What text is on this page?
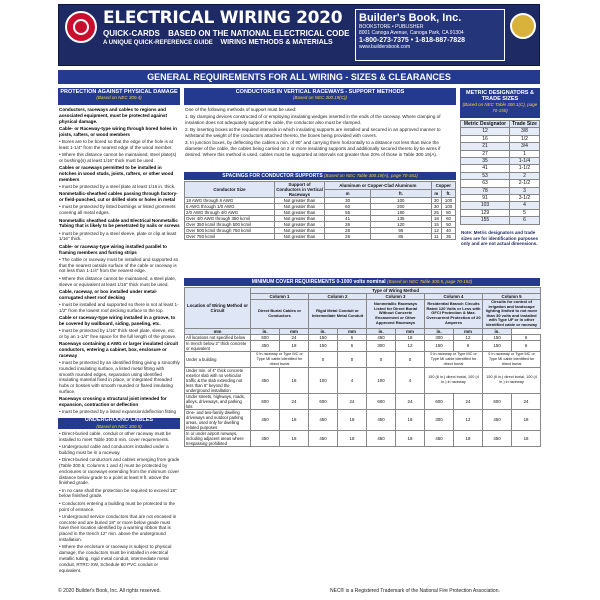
ELECTRICAL WIRING 2020
QUICK-CARDS BASED ON THE NATIONAL ELECTRICAL CODE
A UNIQUE QUICK-REFERENCE GUIDE WIRING METHODS & MATERIALS
Builder's Book, Inc.
BOOKSTORE • PUBLISHER
8001 Canoga Avenue, Canoga Park, CA 91304
1-800-273-7375 • 1-818-887-7828
www.buildersbook.com
GENERAL REQUIREMENTS FOR ALL WIRING - SIZES & CLEARANCES
PROTECTION AGAINST PHYSICAL DAMAGE
(Based on NEC 300.4)

Conductors, raceways and cables to regions and associated equipment, must be protected against physical damage.

Cable- or Raceway-type wiring through bored holes in joists, rafters, or wood members

• Bores are to be bored so that the edge of the hole is at least 1-1/4" from the nearest edge of the wood member.

• Where this distance cannot be maintained, steel plate(s) or bushing(s) at least 1/16" thick must be used.

Cables or raceways permitted to be installed in notches in wood studs, joists, rafters, or other wood members

• must be protected by a steel plate at least 1/16 in. thick.

Nonmetallic-sheathed cables passing through factory- or field-punched, cut or drilled slots or holes in metal

• must be protected by listed bushings or listed grommets covering all metal edges.

Nonmetallic sheathed cable and Electrical Nonmetallic Tubing that is likely to be penetrated by nails or screws

• must be protected by a steel sleeve, plate or clip at least 1/16" thick.

Cable- or raceway-type wiring installed parallel to framing members and furring strips

• The cable or raceway must be installed and supported so that the nearest outside surface of the cable or raceway is not less than 1-1/4" from the nearest edge.

• Where this distance cannot be maintained, a steel plate, sleeve or equivalent at least 1/16" thick must be used.

Cable, raceway, or box installed under metal-corrugated sheet roof decking

• must be installed and supported so there is not at least 1-1/2" from the lowest roof decking surface to the top.

Cable or raceway-type wiring installed in a groove, to be covered by wallboard, siding, paneling, etc.

• must be protected by 1/16" thick steel plate, sleeve, etc. or by an 1-1/4" free space for the full length of the groove.

Raceways containing 4 AWG or larger insulated circuit conductors, entering a cabinet, box, enclosure or raceway

• must be protected by an identified fitting giving a smoothly rounded insulating surface, a listed metal fitting with smooth rounded edges, separation using identified insulating material fixed in place, or integrated threaded hubs or bosses with smooth rounded or flared insulating surface.

Raceways crossing a structural joint intended for expansion, contraction or deflection

• must be protected by a listed expansion/deflection fitting

UNDERGROUND CABLES
(Based on NEC 300.5)

• Direct-buried cable, conduit or other raceway must be installed to meet Table 300.5 min. cover requirements.

• Underground cable and conductors installed under a building must be in a raceway.

• Direct-buried conductors and cables emerging from grade (Table 300.5, Columns 1 and 4) must be protected by enclosures or raceways extending from the minimum cover distance below grade to a point at least 8 ft. above the finished grade.

• In no case shall the protection be required to exceed 18" below finished grade.

• Conductors entering a building must be protected to the point of entrance.

• Underground service conductors that are not encased in concrete and are buried 18" or more below grade must have their location identified by a warning ribbon that is placed in the trench 12" min. above the underground installation.

• Where the enclosure or raceway is subject to physical damage, the conductors must be installed in electrical metallic tubing, rigid metal conduit, intermediate metal conduit, RTRC-XW, Schedule 80 PVC conduit or equivalent.

CONDUCTORS IN VERTICAL RACEWAYS - SUPPORT METHODS
(Based on NEC 300.19(C))

One of the following methods of support must be used:

1. By clamping devices constructed of or employing insulating wedges inserted in the ends of the raceway. Where clamping of insulation does not adequately support the cable, the conductor also must be clamped.

2. By inserting boxes at the required intervals in which insulating supports are installed and secured in an approved manner to withstand the weight of the conductors attached thereto, the boxes being provided with covers.

3. In junction boxes, by deflecting the cables a min. of 90° and carrying them horizontally to a distance not less than twice the diameter of the cable, the cables being carried on 2 or more insulating supports and additionally secured thereto by tie wires if desired. Where this method is used, cables must be supported at intervals not greater than 20% of those in Table 300.19(A).

SPACINGS FOR CONDUCTOR SUPPORTS (Based on NEC Table 300.19(A), page 70-161)
Conductor Size	Support of Conductors in Vertical Raceways	Aluminum or Copper-Clad Aluminum		Copper	
		m	ft.	m	ft.
18 AWG through 8 AWG	Not greater than	30	100	30	100
6 AWG through 1/0 AWG	Not greater than	60	200	30	100
2/0 AWG through 4/0 AWG	Not greater than	55	180	25	80
Over 4/0 AWG through 350 kcmil	Not greater than	41	135	18	60
Over 350 kcmil through 500 kcmil	Not greater than	36	120	15	50
Over 500 kcmil through 750 kcmil	Not greater than	28	95	12	40
Over 750 kcmil	Not greater than	26	85	11	35
METRIC DESIGNATORS & TRADE SIZES
(Based on NEC Table 300.1(C), page 70-150)
Metric Designator	Trade Size
12	3/8
16	1/2
21	3/4
27	1
35	1-1/4
41	1-1/2
53	2
63	2-1/2
78	3
91	3-1/2
103	4
129	5
155	6
Note: Metric designators and trade sizes are for identification purposes only and are not actual dimensions.
MINIMUM COVER REQUIREMENTS 0-1000 volts nominal (Based on NEC Table 300.5, page 70-152)
Location of Wiring Method or Circuit	Type of Wiring Method									
	Column 1		Column 2		Column 3		Column 4		Column 5	
	Direct Burial Cables or Conductors		Rigid Metal Conduit or Intermediate Metal Conduit		Nonmetallic Raceways Listed for Direct Burial Without Concrete Encasement or Other Approved Raceways		Residential Branch Circuits Rated 120 Volts or Less with GFCI Protection & Max. Overcurrent Protection of 20 Amperes		Circuits for control of irrigation and landscape lighting limited to not more than 30 volts and installed with Type UF or in other identified cable or raceway	
mm	in.	mm	in.	mm	in.	mm	in.	mm	in.	
All locations not specified below	600	24	150	6	450	18	300	12	150	6
In trench below 2" thick concrete or equivalent	450	18	150	6	300	12	150	6	150	6
Under a building	0 In raceway or Type MC or Type MI cable identified for direct burial		0	0	0	0	0 In raceway or Type MC or Type MI cable identified for direct burial		0 In raceway or Type MC or Type MI cable identified for direct burial	
Under min. of 4" thick concrete exterior slab with no vehicular traffic & the slab extending not less than 6" beyond the underground installation	450	18	100	4	100	4	150 (6 in.) direct burial, 100 (4 in.) in raceway		150 (6 in.) direct burial, 100 (4 in.) in raceway	
Under streets, highways, roads, alleys, driveways, and parking lots	600	24	600	24	600	24	600	24	600	24
One- and two-family dwelling driveways and outdoor parking areas, used only for dwelling related purposes	450	18	450	18	450	18	300	12	450	18
In or under airport runways, including adjacent areas where trespassing prohibited	450	18	450	18	450	18	450	18	450	18
© 2020 Builder's Book, Inc. All rights reserved.	NEC® is a Registered Trademark of the National Fire Protection Association.
